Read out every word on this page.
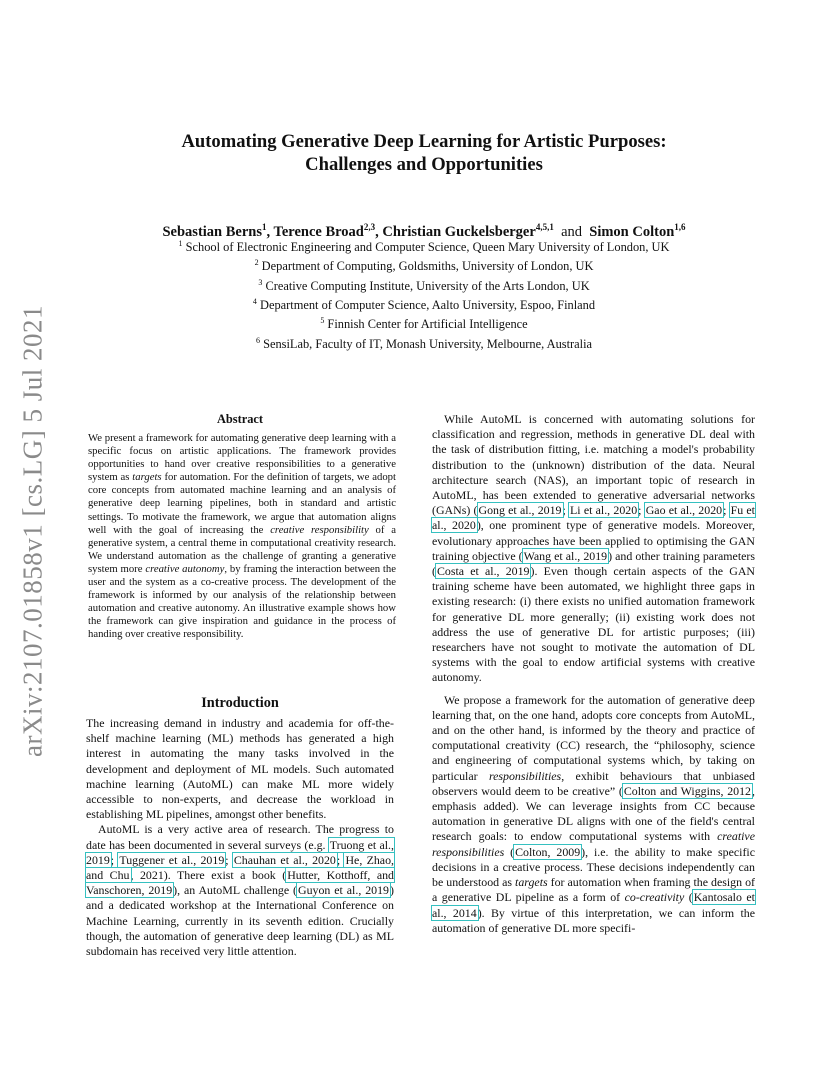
arXiv:2107.01858v1 [cs.LG] 5 Jul 2021
Automating Generative Deep Learning for Artistic Purposes:
Challenges and Opportunities
Sebastian Berns$^1$, Terence Broad$^{2,3}$, Christian Guckelsberger$^{4,5,1}$ and Simon Colton$^{1,6}$
$^1$ School of Electronic Engineering and Computer Science, Queen Mary University of London, UK
$^2$ Department of Computing, Goldsmiths, University of London, UK
$^3$ Creative Computing Institute, University of the Arts London, UK
$^4$ Department of Computer Science, Aalto University, Espoo, Finland
$^5$ Finnish Center for Artificial Intelligence
$^6$ SensiLab, Faculty of IT, Monash University, Melbourne, Australia
Abstract
We present a framework for automating generative deep learning with a specific focus on artistic applications. The framework provides opportunities to hand over creative responsibilities to a generative system as targets for automation. For the definition of targets, we adopt core concepts from automated machine learning and an analysis of generative deep learning pipelines, both in standard and artistic settings. To motivate the framework, we argue that automation aligns well with the goal of increasing the creative responsibility of a generative system, a central theme in computational creativity research. We understand automation as the challenge of granting a generative system more creative autonomy, by framing the interaction between the user and the system as a co-creative process. The development of the framework is informed by our analysis of the relationship between automation and creative autonomy. An illustrative example shows how the framework can give inspiration and guidance in the process of handing over creative responsibility.
Introduction

The increasing demand in industry and academia for off-the-shelf machine learning (ML) methods has generated a high interest in automating the many tasks involved in the development and deployment of ML models. Such automated machine learning (AutoML) can make ML more widely accessible to non-experts, and decrease the workload in establishing ML pipelines, amongst other benefits.

AutoML is a very active area of research. The progress to date has been documented in several surveys (e.g. Truong et al., 2019; Tuggener et al., 2019; Chauhan et al., 2020; He, Zhao, and Chu, 2021). There exist a book (Hutter, Kotthoff, and Vanschoren, 2019), an AutoML challenge (Guyon et al., 2019) and a dedicated workshop at the International Conference on Machine Learning, currently in its seventh edition. Crucially though, the automation of generative deep learning (DL) as ML subdomain has received very little attention.

While AutoML is concerned with automating solutions for classification and regression, methods in generative DL deal with the task of distribution fitting, i.e. matching a model's probability distribution to the (unknown) distribution of the data. Neural architecture search (NAS), an important topic of research in AutoML, has been extended to generative adversarial networks (GANs) (Gong et al., 2019; Li et al., 2020; Gao et al., 2020; Fu et al., 2020), one prominent type of generative models. Moreover, evolutionary approaches have been applied to optimising the GAN training objective (Wang et al., 2019) and other training parameters (Costa et al., 2019). Even though certain aspects of the GAN training scheme have been automated, we highlight three gaps in existing research: (i) there exists no unified automation framework for generative DL more generally; (ii) existing work does not address the use of generative DL for artistic purposes; (iii) researchers have not sought to motivate the automation of DL systems with the goal to endow artificial systems with creative autonomy.

We propose a framework for the automation of generative deep learning that, on the one hand, adopts core concepts from AutoML, and on the other hand, is informed by the theory and practice of computational creativity (CC) research, the “philosophy, science and engineering of computational systems which, by taking on particular responsibilities, exhibit behaviours that unbiased observers would deem to be creative” (Colton and Wiggins, 2012, emphasis added). We can leverage insights from CC because automation in generative DL aligns with one of the field's central research goals: to endow computational systems with creative responsibilities (Colton, 2009), i.e. the ability to make specific decisions in a creative process. These decisions independently can be understood as targets for automation when framing the design of a generative DL pipeline as a form of co-creativity (Kantosalo et al., 2014). By virtue of this interpretation, we can inform the automation of generative DL more specifi-
